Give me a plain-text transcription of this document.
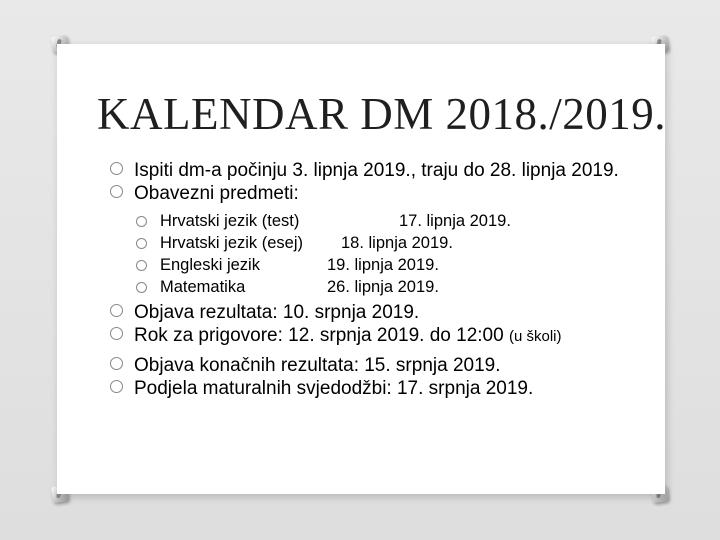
KALENDAR DM 2018./2019.
Ispiti dm-a počinju 3. lipnja 2019., traju do 28. lipnja 2019.
Obavezni predmeti:
Hrvatski jezik (test)	17. lipnja 2019.
Hrvatski jezik (esej) 18. lipnja 2019.
Engleski jezik	19. lipnja 2019.
Matematika	26. lipnja 2019.
Objava rezultata: 10. srpnja 2019.
Rok za prigovore: 12. srpnja 2019. do 12:00 (u školi)
Objava konačnih rezultata: 15. srpnja 2019.
Podjela maturalnih svjedodžbi: 17. srpnja 2019.
